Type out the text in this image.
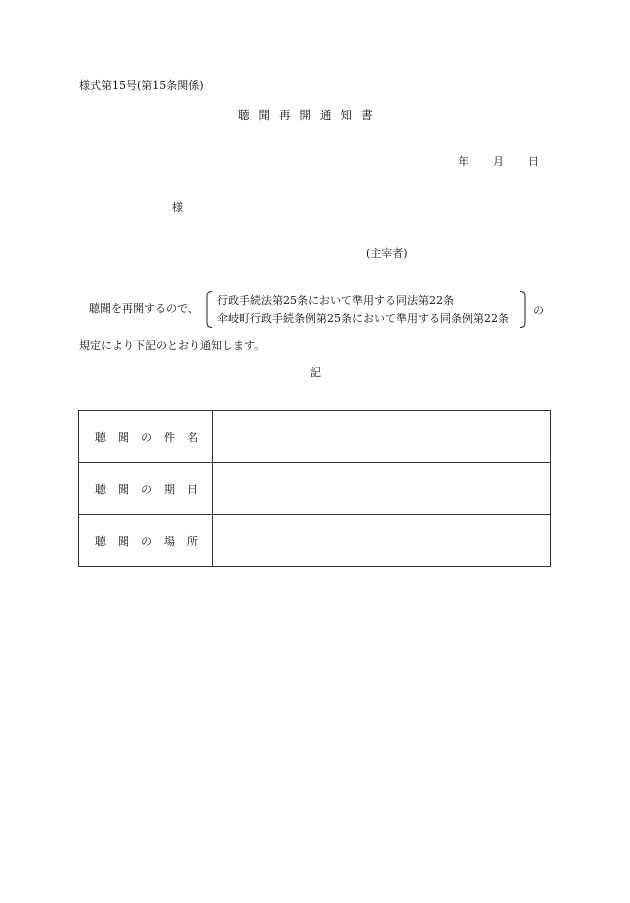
様式第15号(第15条関係)
聴聞再開通知書
年 月 日
様
(主宰者)
聴聞を再開するので、
行政手続法第25条において準用する同法第22条
伞岐町行政手続条例第25条において準用する同条例第22条
の
規定により下記のとおり通知します。
記
聴 聞 の 件 名	

聴 聞 の 期 日	

聴 聞 の 場 所	
